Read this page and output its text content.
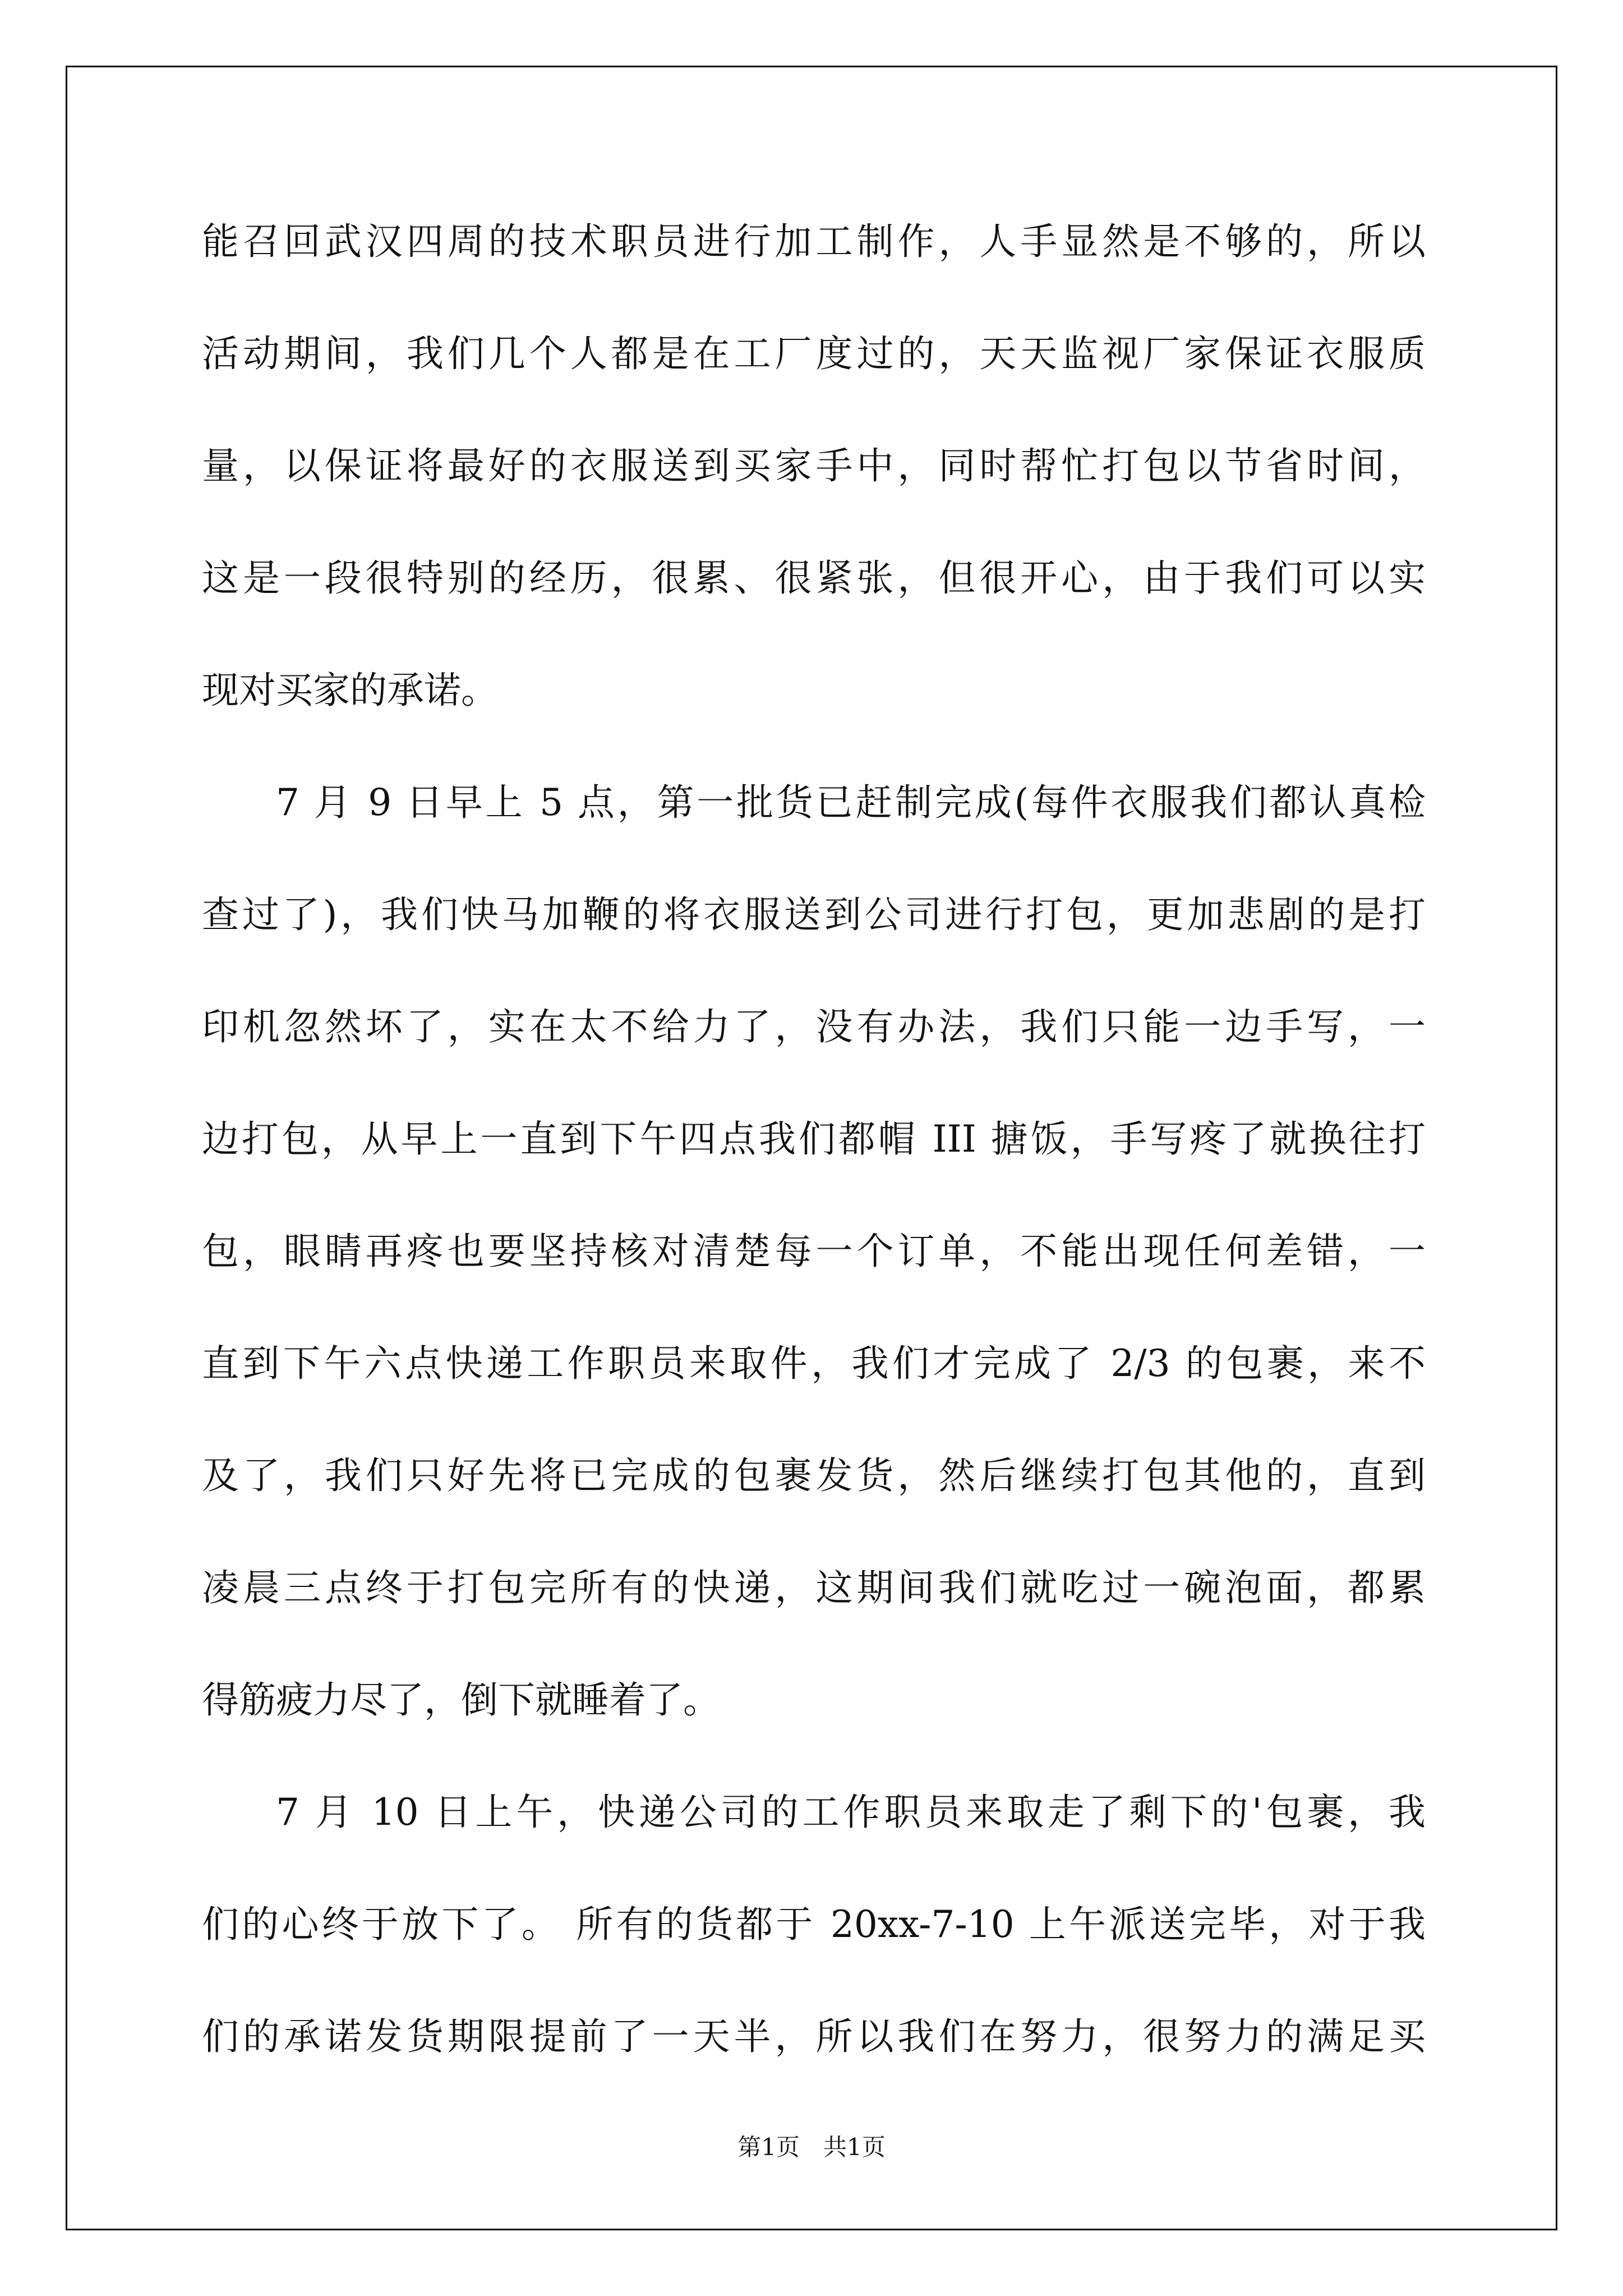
能召回武汉四周的技术职员进行加工制作，人手显然是不够的，所以
活动期间，我们几个人都是在工厂度过的，天天监视厂家保证衣服质
量，以保证将最好的衣服送到买家手中，同时帮忙打包以节省时间，
这是一段很特别的经历，很累、很紧张，但很开心，由于我们可以实
现对买家的承诺。
7 月 9 日早上 5 点，第一批货已赶制完成(每件衣服我们都认真检
查过了)，我们快马加鞭的将衣服送到公司进行打包，更加悲剧的是打
印机忽然坏了，实在太不给力了，没有办法，我们只能一边手写，一
边打包，从早上一直到下午四点我们都帽 III 搪饭，手写疼了就换往打
包，眼睛再疼也要坚持核对清楚每一个订单，不能出现任何差错，一
直到下午六点快递工作职员来取件，我们才完成了 2/3 的包裹，来不
及了，我们只好先将已完成的包裹发货，然后继续打包其他的，直到
凌晨三点终于打包完所有的快递，这期间我们就吃过一碗泡面，都累
得筋疲力尽了，倒下就睡着了。
7 月 10 日上午，快递公司的工作职员来取走了剩下的'包裹，我
们的心终于放下了。 所有的货都于 20xx-7-10 上午派送完毕，对于我
们的承诺发货期限提前了一天半，所以我们在努力，很努力的满足买
第1页　共1页
